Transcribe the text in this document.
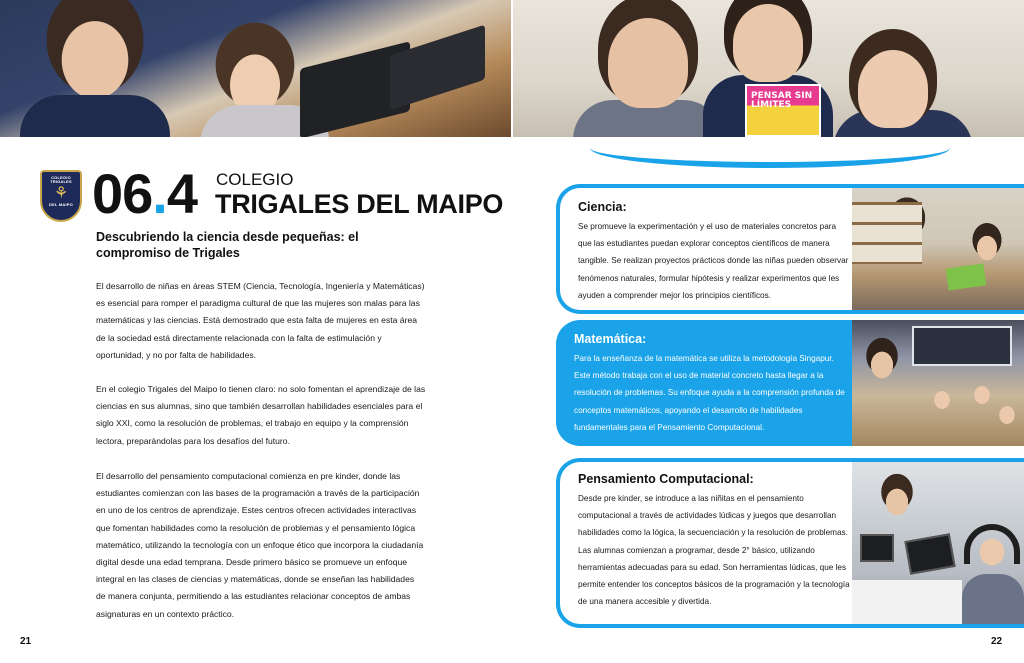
PENSAR SIN LÍMITES
COLEGIO TRIGALES
⚘
DEL MAIPO 06.4 COLEGIO
TRIGALES DEL MAIPO
Descubriendo la ciencia desde pequeñas: el compromiso de Trigales

El desarrollo de niñas en áreas STEM (Ciencia, Tecnología, Ingeniería y Matemáticas) es esencial para romper el paradigma cultural de que las mujeres son malas para las matemáticas y las ciencias. Está demostrado que esta falta de mujeres en esta área de la sociedad está directamente relacionada con la falta de estimulación y oportunidad, y no por falta de habilidades.

En el colegio Trigales del Maipo lo tienen claro: no solo fomentan el aprendizaje de las ciencias en sus alumnas, sino que también desarrollan habilidades esenciales para el siglo XXI, como la resolución de problemas, el trabajo en equipo y la comprensión lectora, preparándolas para los desafíos del futuro.

El desarrollo del pensamiento computacional comienza en pre kinder, donde las estudiantes comienzan con las bases de la programación a través de la participación en uno de los centros de aprendizaje. Estes centros ofrecen actividades interactivas que fomentan habilidades como la resolución de problemas y el pensamiento lógica matemático, utilizando la tecnología con un enfoque ético que incorpora la ciudadanía digital desde una edad temprana. Desde primero básico se promueve un enfoque integral en las clases de ciencias y matemáticas, donde se enseñan las habilidades de manera conjunta, permitiendo a las estudiantes relacionar conceptos de ambas asignaturas en un contexto práctico.

21
Ciencia:
Se promueve la experimentación y el uso de materiales concretos para que las estudiantes puedan explorar conceptos científicos de manera tangible. Se realizan proyectos prácticos donde las niñas pueden observar fenómenos naturales, formular hipótesis y realizar experimentos que les ayuden a comprender mejor los principios científicos.
Matemática:
Para la enseñanza de la matemática se utiliza la metodología Singapur. Este método trabaja con el uso de material concreto hasta llegar a la resolución de problemas. Su enfoque ayuda a la comprensión profunda de conceptos matemáticos, apoyando el desarrollo de habilidades fundamentales para el Pensamiento Computacional.
Pensamiento Computacional:
Desde pre kinder, se introduce a las niñitas en el pensamiento computacional a través de actividades lúdicas y juegos que desarrollan habilidades como la lógica, la secuenciación y la resolución de problemas. Las alumnas comienzan a programar, desde 2° básico, utilizando herramientas adecuadas para su edad. Son herramientas lúdicas, que les permite entender los conceptos básicos de la programación y la tecnología de una manera accesible y divertida.
22
